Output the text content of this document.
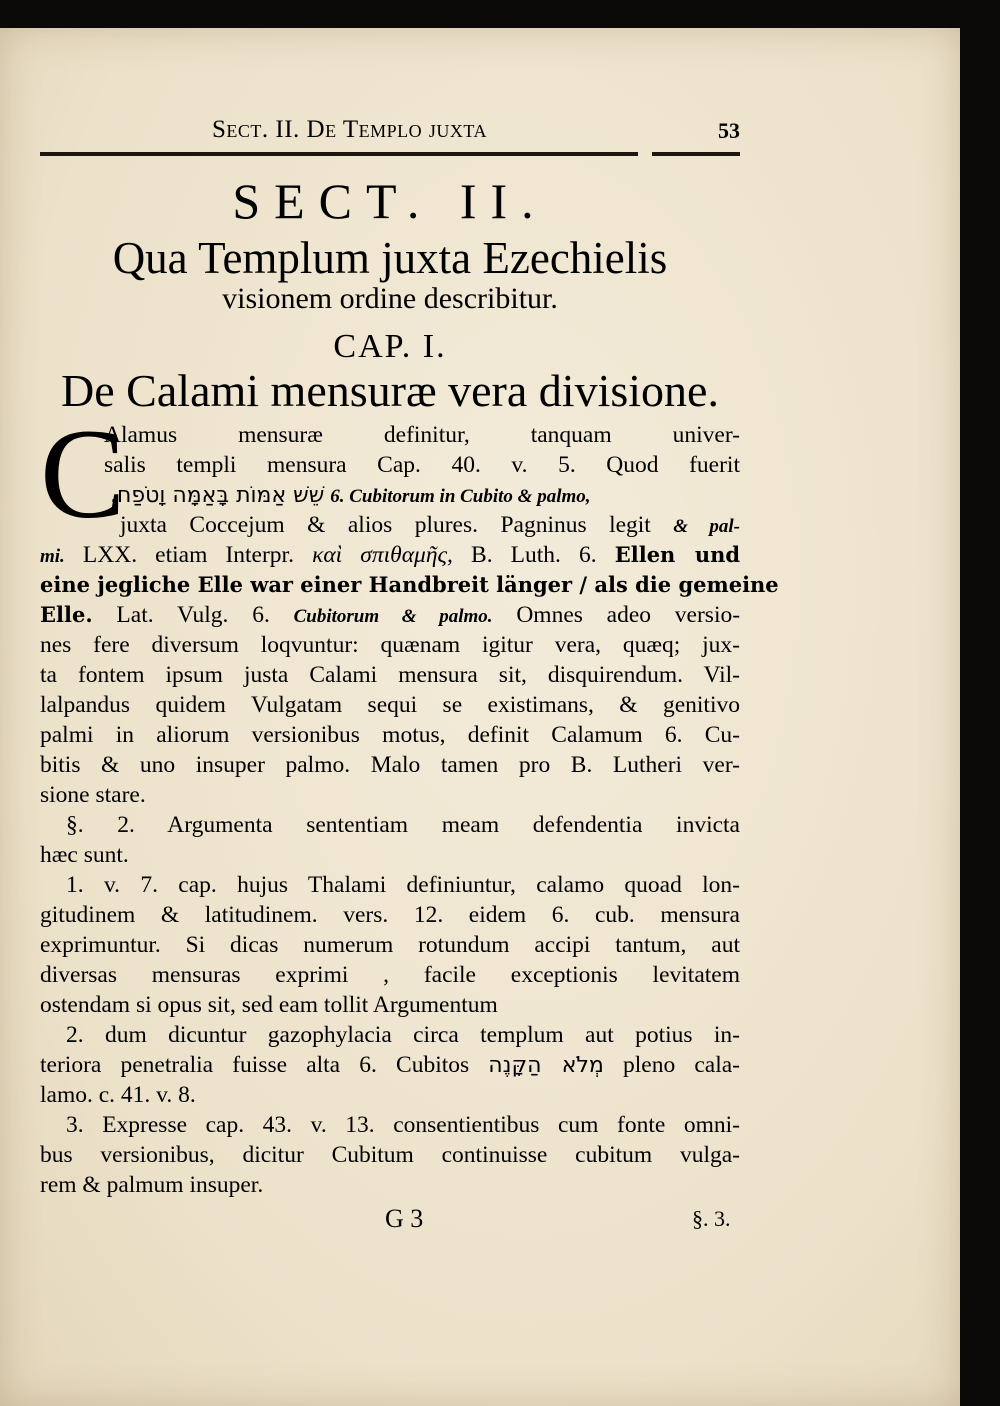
Sect. II. De Templo juxta	53
SECT. II.
Qua Templum juxta Ezechielis
visionem ordine describitur.
CAP. I.
De Calami mensuræ vera divisione.
C
Alamus mensuræ definitur, tanquam univer-
salis templi mensura Cap. 40. v. 5. Quod fuerit
שֵׁשׁ אַמּוֹת בָּאַמָּה וָטֹפַח. 6. Cubitorum in Cubito & palmo,
juxta Coccejum & alios plures. Pagninus legit & pal-
mi. LXX. etiam Interpr. καὶ σπιθαμῆς, B. Luth. 6. Ellen und
eine jegliche Elle war einer Handbreit länger / als die gemeine
Elle. Lat. Vulg. 6. Cubitorum & palmo. Omnes adeo versio-
nes fere diversum loqvuntur: quænam igitur vera, quæq; jux-
ta fontem ipsum justa Calami mensura sit, disquirendum. Vil-
lalpandus quidem Vulgatam sequi se existimans, & genitivo
palmi in aliorum versionibus motus, definit Calamum 6. Cu-
bitis & uno insuper palmo. Malo tamen pro B. Lutheri ver-
sione stare.
§. 2. Argumenta sententiam meam defendentia invicta
hæc sunt.
1. v. 7. cap. hujus Thalami definiuntur, calamo quoad lon-
gitudinem & latitudinem. vers. 12. eidem 6. cub. mensura
exprimuntur. Si dicas numerum rotundum accipi tantum, aut
diversas mensuras exprimi , facile exceptionis levitatem
ostendam si opus sit, sed eam tollit Argumentum
2. dum dicuntur gazophylacia circa templum aut potius in-
teriora penetralia fuisse alta 6. Cubitos מְלֹא הַקָּנֶה pleno cala-
lamo. c. 41. v. 8.
3. Expresse cap. 43. v. 13. consentientibus cum fonte omni-
bus versionibus, dicitur Cubitum continuisse cubitum vulga-
rem & palmum insuper.
G 3	§. 3.
